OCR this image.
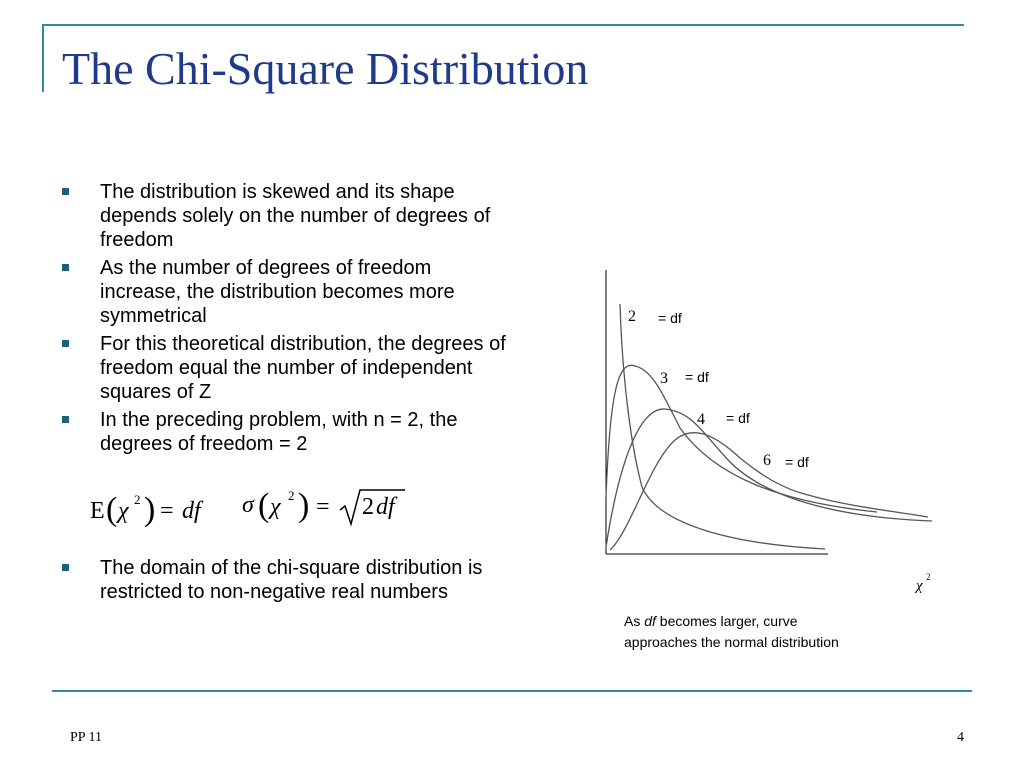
The Chi-Square Distribution
The distribution is skewed and its shape depends solely on the number of degrees of freedom
As the number of degrees of freedom increase, the distribution becomes more symmetrical
For this theoretical distribution, the degrees of freedom equal the number of independent squares of Z
In the preceding problem, with n = 2, the degrees of freedom = 2
E ( χ 2 ) = df σ ( χ 2 ) = 2 df
The domain of the chi-square distribution is restricted to non-negative real numbers
2 = df
3 = df
4 = df
6 = df
χ
2
As df becomes larger, curve
approaches the normal distribution
PP 11	4
